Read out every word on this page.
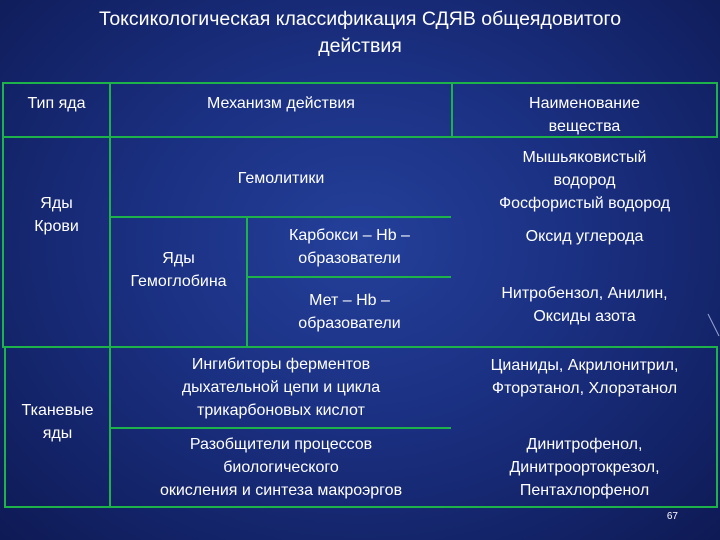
Токсикологическая классификация СДЯВ общеядовитого
действия
Тип яда	Механизм действия	Наименование
вещества
Яды
Крови
Гемолитики
Мышьяковистый
водород
Фосфористый водород
Яды
Гемоглобина
Карбокси – Hb –
образователи
Оксид углерода
Мет – Hb –
образователи
Нитробензол, Анилин,
Оксиды азота
Тканевые
яды
Ингибиторы ферментов
дыхательной цепи и цикла
трикарбоновых кислот
Цианиды, Акрилонитрил,
Фторэтанол, Хлорэтанол
Разобщители процессов
биологического
окисления и синтеза макроэргов
Динитрофенол,
Динитроортокрезол,
Пентахлорфенол
67
